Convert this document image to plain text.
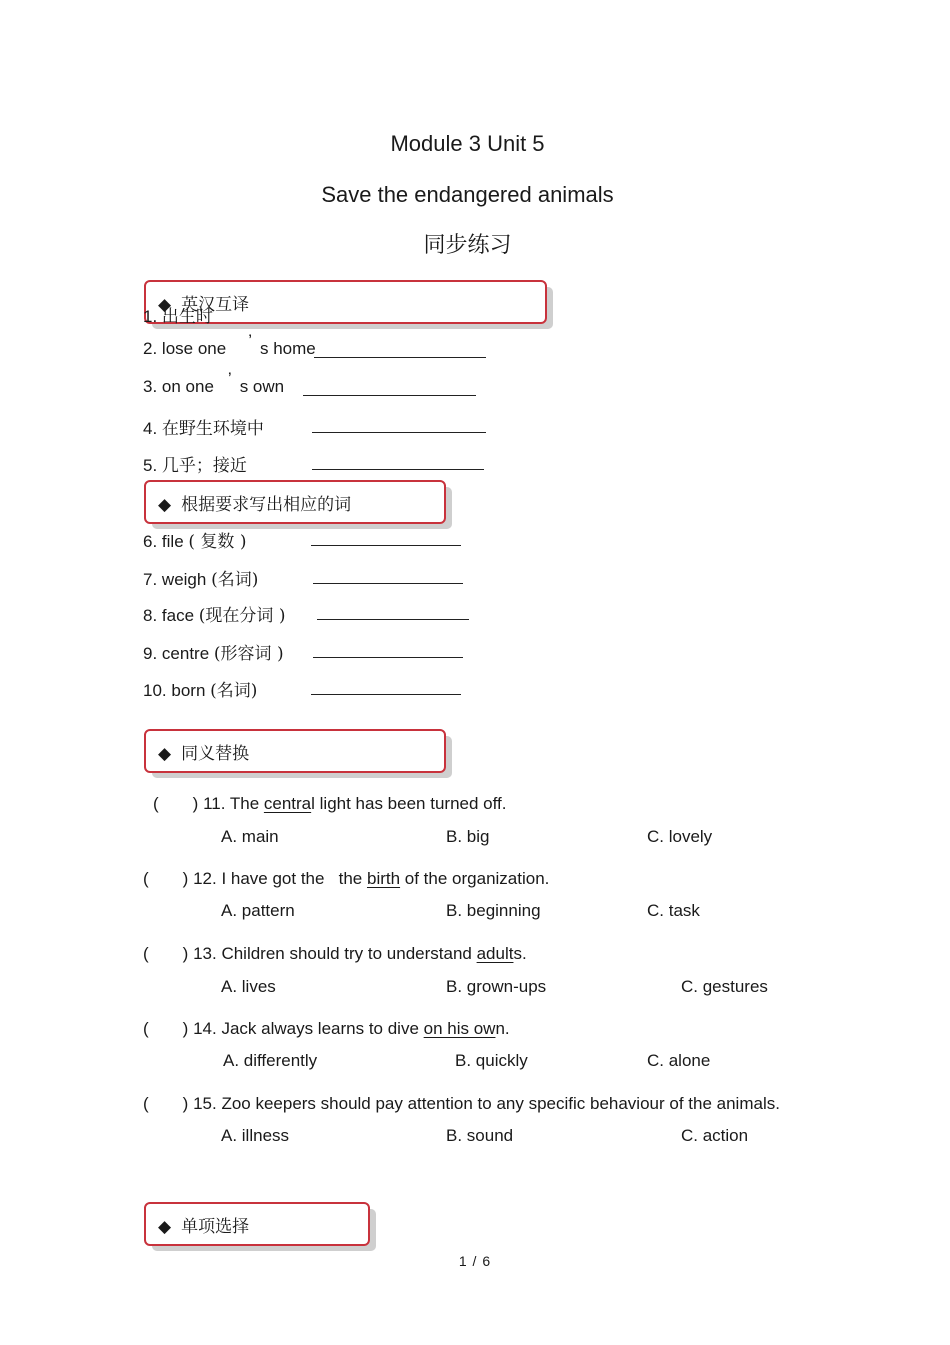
Module 3 Unit 5
Save the endangered animals
同步练习
◆ 英汉互译
1. 出生时
2. lose one ’ s home
3. on one ’ s own
4. 在野生环境中
5. 几乎；接近
◆ 根据要求写出相应的词
6. file ( 复数 )
7. weigh (名词)
8. face (现在分词 )
9. centre (形容词 )
10. born (名词)
◆ 同义替换
(　　) 11. The central light has been turned off.
A. main	B. big	C. lovely
(　　) 12. I have got the   the birth of the organization.
A. pattern	B. beginning	C. task
(　　) 13. Children should try to understand adults.
A. lives	B. grown-ups	C. gestures
(　　) 14. Jack always learns to dive on his own.
A. differently	B. quickly	C. alone
(　　) 15. Zoo keepers should pay attention to any specific behaviour of the animals.
A. illness	B. sound	C. action
◆ 单项选择
1 / 6
